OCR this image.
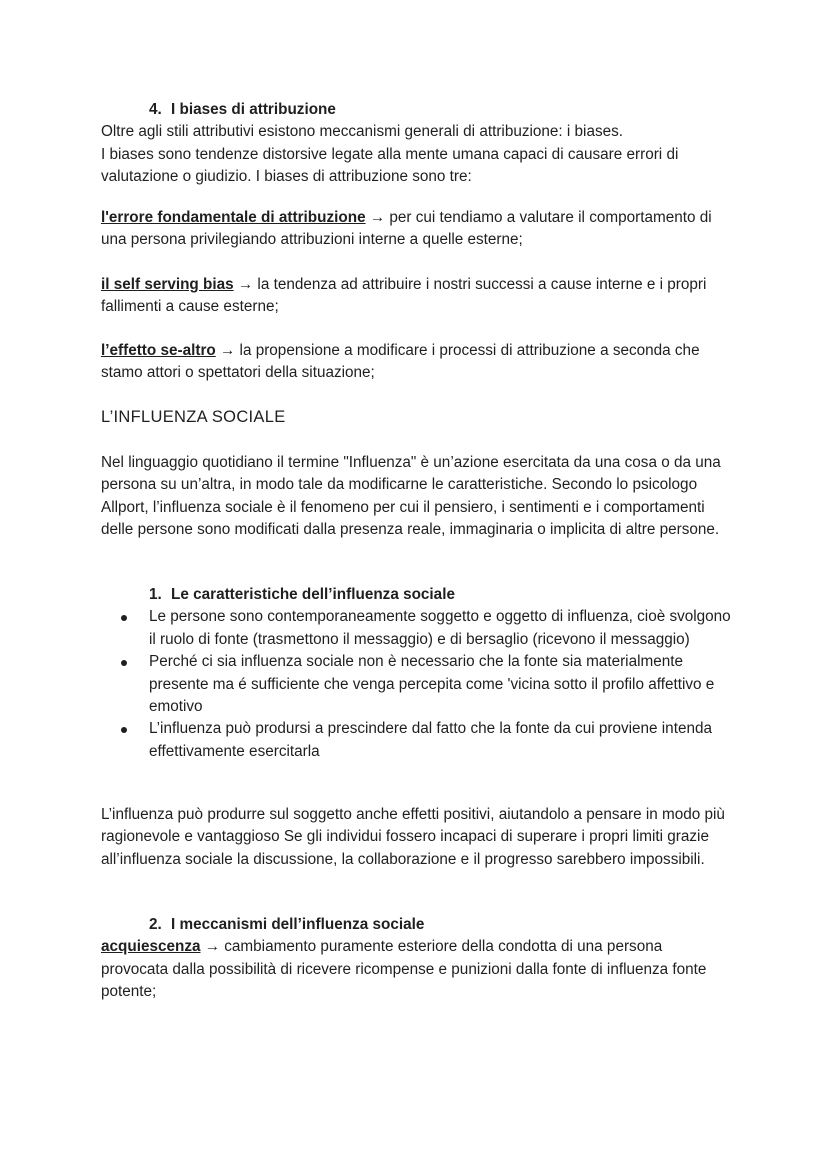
4. I biases di attribuzione

Oltre agli stili attributivi esistono meccanismi generali di attribuzione: i biases.

I biases sono tendenze distorsive legate alla mente umana capaci di causare errori di valutazione o giudizio. I biases di attribuzione sono tre:

l'errore fondamentale di attribuzione → per cui tendiamo a valutare il comportamento di una persona privilegiando attribuzioni interne a quelle esterne;

il self serving bias → la tendenza ad attribuire i nostri successi a cause interne e i propri fallimenti a cause esterne;

l’effetto se-altro → la propensione a modificare i processi di attribuzione a seconda che stamo attori o spettatori della situazione;

L’INFLUENZA SOCIALE
Nel linguaggio quotidiano il termine "Influenza" è un’azione esercitata da una cosa o da una persona su un’altra, in modo tale da modificarne le caratteristiche. Secondo lo psicologo Allport, l’influenza sociale è il fenomeno per cui il pensiero, i sentimenti e i comportamenti delle persone sono modificati dalla presenza reale, immaginaria o implicita di altre persone.

1. Le caratteristiche dell’influenza sociale

Le persone sono contemporaneamente soggetto e oggetto di influenza, cioè svolgono il ruolo di fonte (trasmettono il messaggio) e di bersaglio (ricevono il messaggio)
Perché ci sia influenza sociale non è necessario che la fonte sia materialmente presente ma é sufficiente che venga percepita come 'vicina sotto il profilo affettivo e emotivo
L’influenza può prodursi a prescindere dal fatto che la fonte da cui proviene intenda effettivamente esercitarla
L’influenza può produrre sul soggetto anche effetti positivi, aiutandolo a pensare in modo più ragionevole e vantaggioso Se gli individui fossero incapaci di superare i propri limiti grazie all’influenza sociale la discussione, la collaborazione e il progresso sarebbero impossibili.

2. I meccanismi dell’influenza sociale

acquiescenza → cambiamento puramente esteriore della condotta di una persona provocata dalla possibilità di ricevere ricompense e punizioni dalla fonte di influenza fonte potente;
